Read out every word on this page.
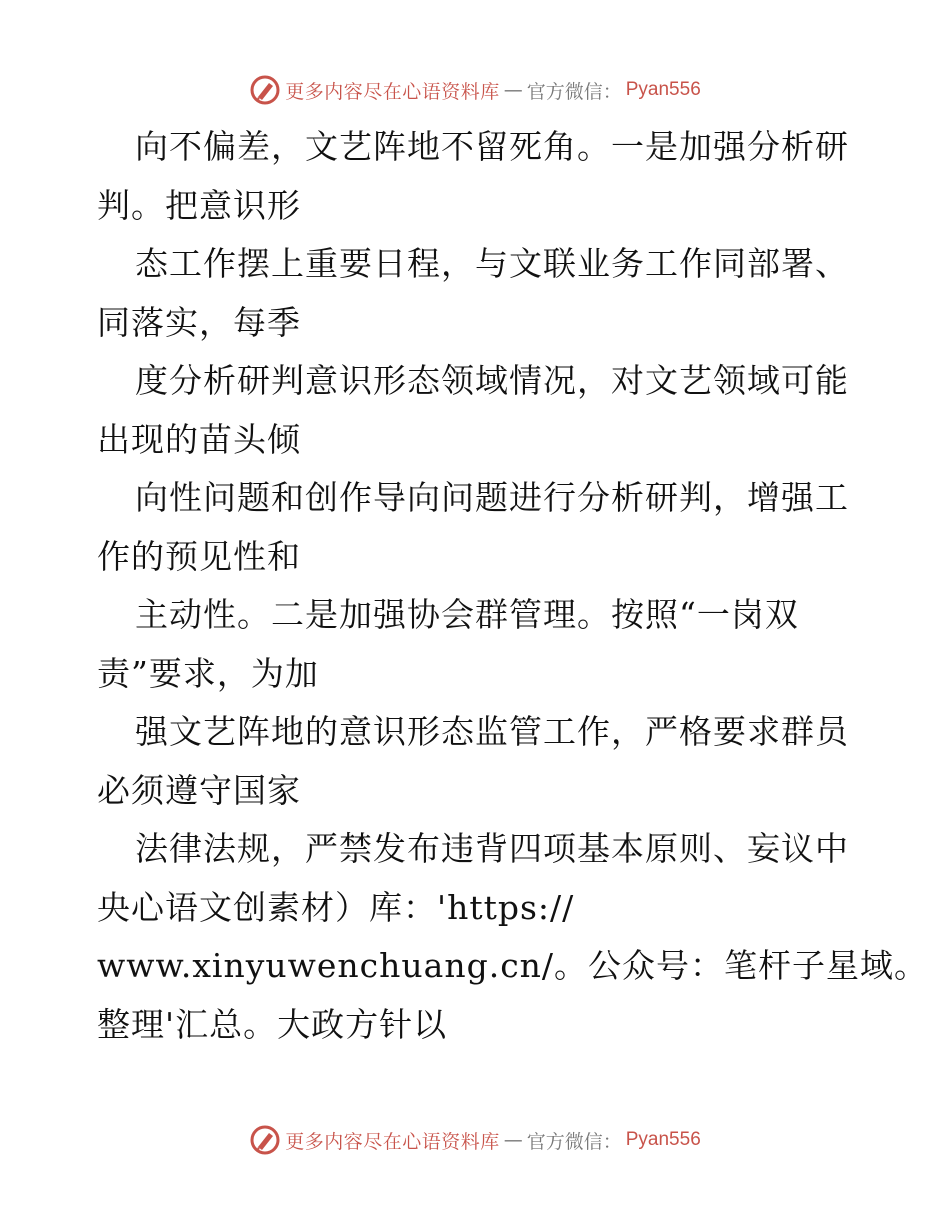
更多内容尽在心语资料库 — 官方微信： Pyan556
向不偏差，文艺阵地不留死角。一是加强分析研
判。把意识形
态工作摆上重要日程，与文联业务工作同部署、
同落实，每季
度分析研判意识形态领域情况，对文艺领域可能
出现的苗头倾
向性问题和创作导向问题进行分析研判，增强工
作的预见性和
主动性。二是加强协会群管理。按照“一岗双
责”要求，为加
强文艺阵地的意识形态监管工作，严格要求群员
必须遵守国家
法律法规，严禁发布违背四项基本原则、妄议中
央心语文创素材）库：'https://
www.xinyuwenchuang.cn/。公众号：笔杆子星域。
整理'汇总。大政方针以
更多内容尽在心语资料库 — 官方微信： Pyan556
